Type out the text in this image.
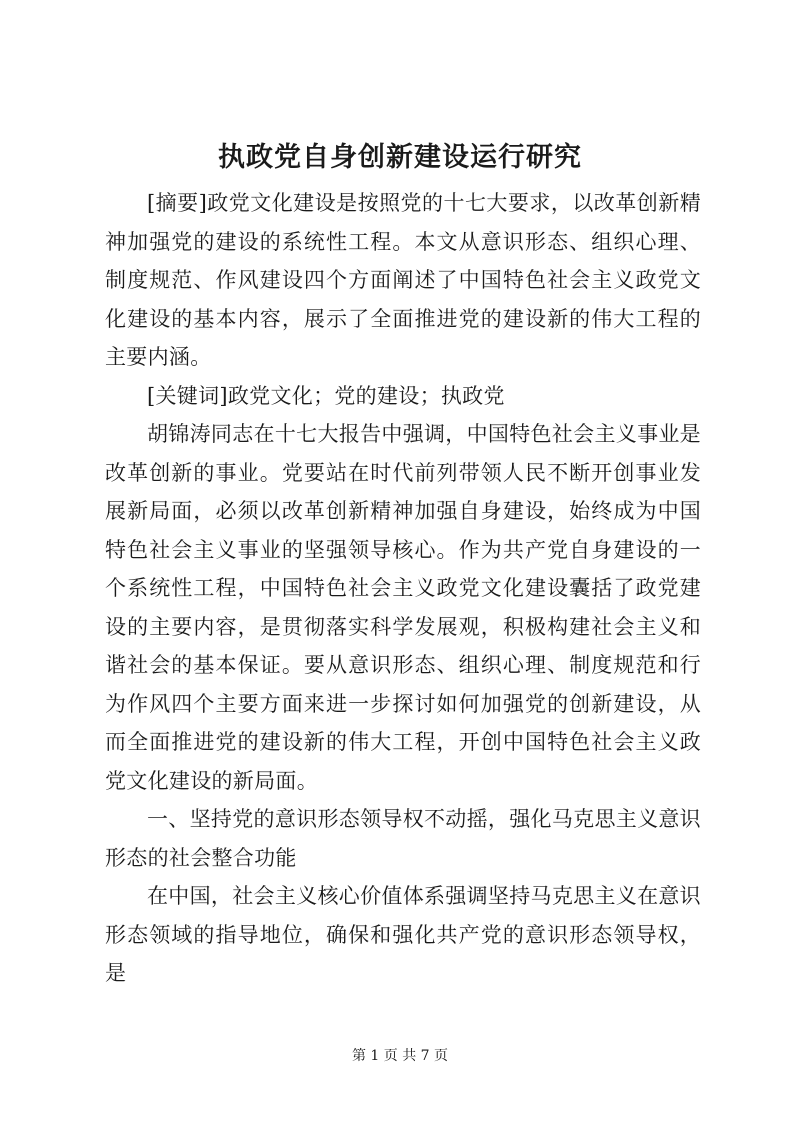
执政党自身创新建设运行研究

[摘要]政党文化建设是按照党的十七大要求，以改革创新精神加强党的建设的系统性工程。本文从意识形态、组织心理、制度规范、作风建设四个方面阐述了中国特色社会主义政党文化建设的基本内容，展示了全面推进党的建设新的伟大工程的主要内涵。

[关键词]政党文化；党的建设；执政党

胡锦涛同志在十七大报告中强调，中国特色社会主义事业是改革创新的事业。党要站在时代前列带领人民不断开创事业发展新局面，必须以改革创新精神加强自身建设，始终成为中国特色社会主义事业的坚强领导核心。作为共产党自身建设的一个系统性工程，中国特色社会主义政党文化建设囊括了政党建设的主要内容，是贯彻落实科学发展观，积极构建社会主义和谐社会的基本保证。要从意识形态、组织心理、制度规范和行为作风四个主要方面来进一步探讨如何加强党的创新建设，从而全面推进党的建设新的伟大工程，开创中国特色社会主义政党文化建设的新局面。

一、坚持党的意识形态领导权不动摇，强化马克思主义意识形态的社会整合功能

在中国，社会主义核心价值体系强调坚持马克思主义在意识形态领域的指导地位，确保和强化共产党的意识形态领导权，是

第 1 页 共 7 页
